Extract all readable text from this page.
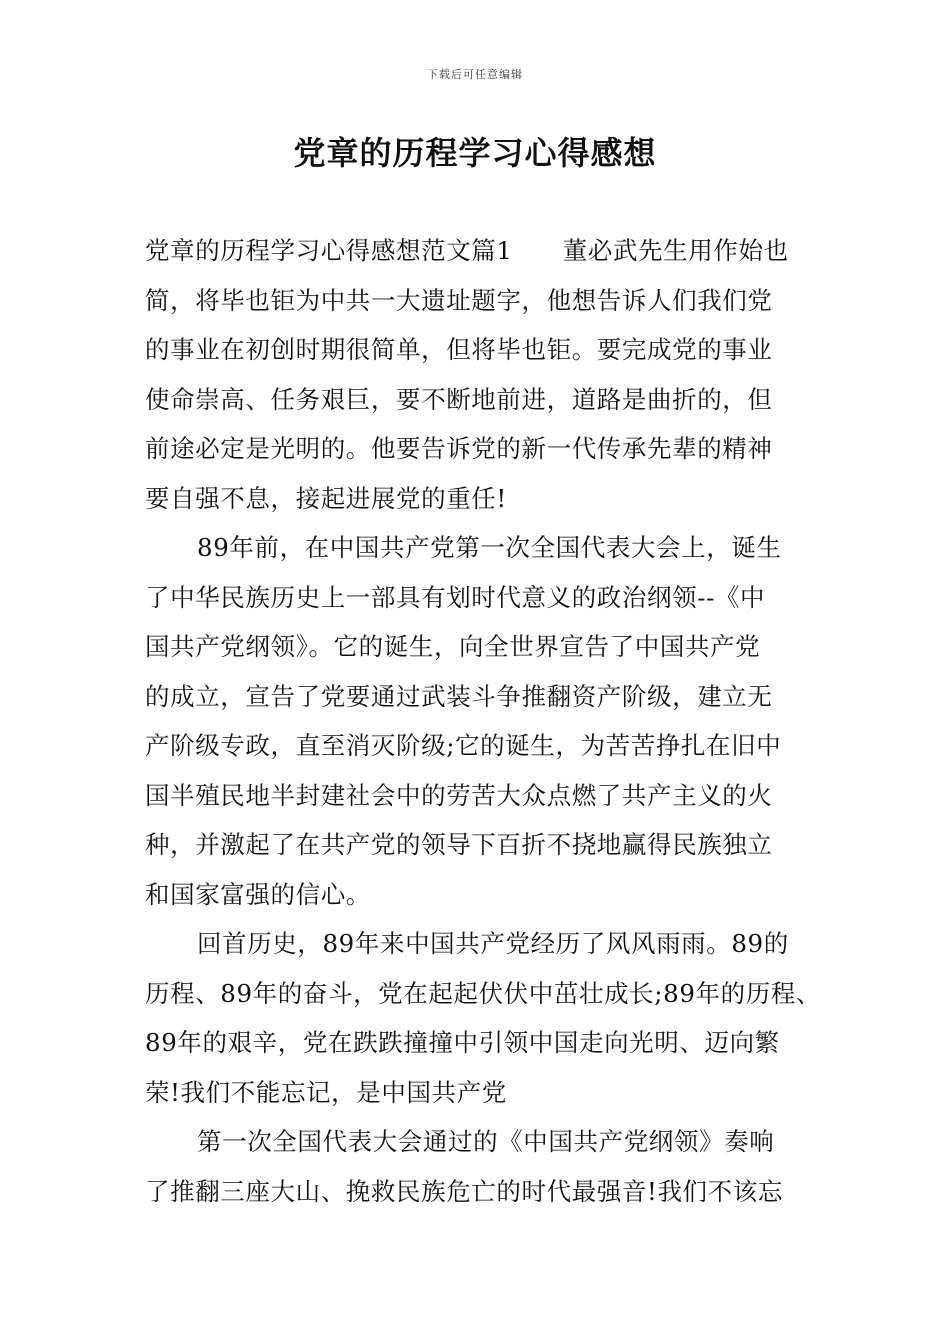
下载后可任意编辑
党章的历程学习心得感想
党章的历程学习心得感想范文篇1　　董必武先生用作始也
简，将毕也钜为中共一大遗址题字，他想告诉人们我们党
的事业在初创时期很简单，但将毕也钜。要完成党的事业
使命崇高、任务艰巨，要不断地前进，道路是曲折的，但
前途必定是光明的。他要告诉党的新一代传承先辈的精神
要自强不息，接起进展党的重任!
89年前，在中国共产党第一次全国代表大会上，诞生
了中华民族历史上一部具有划时代意义的政治纲领--《中
国共产党纲领》。它的诞生，向全世界宣告了中国共产党
的成立，宣告了党要通过武装斗争推翻资产阶级，建立无
产阶级专政，直至消灭阶级;它的诞生，为苦苦挣扎在旧中
国半殖民地半封建社会中的劳苦大众点燃了共产主义的火
种，并激起了在共产党的领导下百折不挠地赢得民族独立
和国家富强的信心。
回首历史，89年来中国共产党经历了风风雨雨。89的
历程、89年的奋斗，党在起起伏伏中茁壮成长;89年的历程、
89年的艰辛，党在跌跌撞撞中引领中国走向光明、迈向繁
荣!我们不能忘记，是中国共产党
第一次全国代表大会通过的《中国共产党纲领》奏响
了推翻三座大山、挽救民族危亡的时代最强音!我们不该忘
